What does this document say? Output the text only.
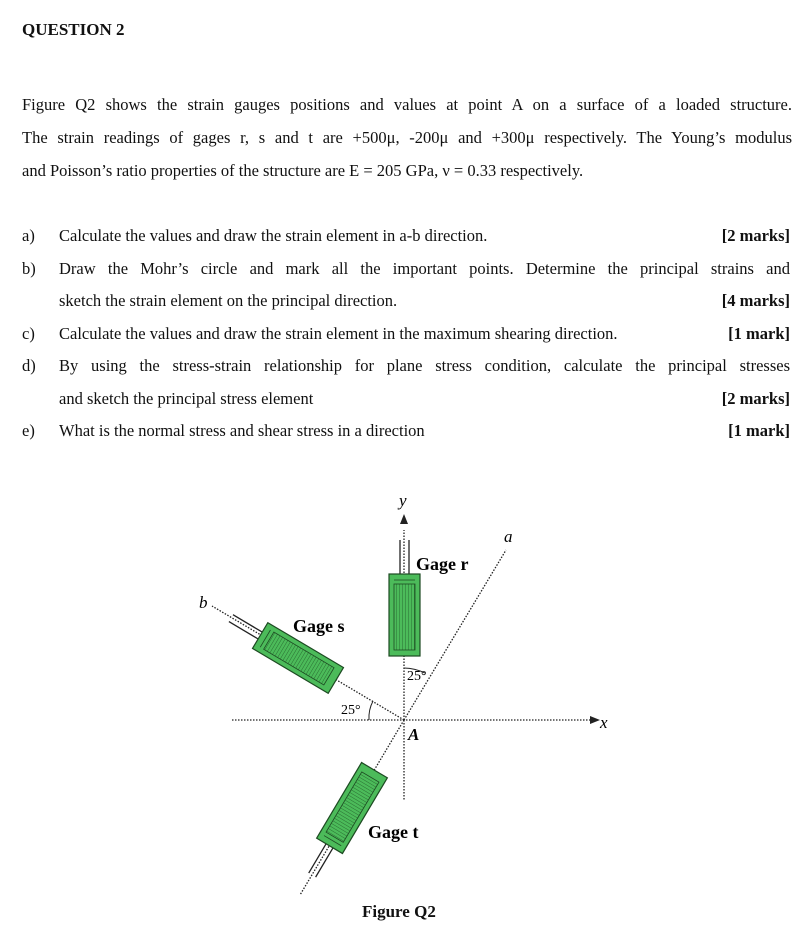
QUESTION 2
Figure Q2 shows the strain gauges positions and values at point A on a surface of a loaded structure.
The strain readings of gages r, s and t are +500μ, -200μ and +300μ respectively. The Young’s modulus
and Poisson’s ratio properties of the structure are E = 205 GPa, ν = 0.33 respectively.
a) Calculate the values and draw the strain element in a-b direction.	[2 marks]
b) Draw the Mohr’s circle and mark all the important points. Determine the principal strains and
sketch the strain element on the principal direction.	[4 marks]
c) Calculate the values and draw the strain element in the maximum shearing direction.	[1 mark]
d) By using the stress-strain relationship for plane stress condition, calculate the principal stresses
and sketch the principal stress element	[2 marks]
e) What is the normal stress and shear stress in a direction	[1 mark]
y
x
a
b
A
Gage r
Gage s
Gage t
25°
25°
Figure Q2
